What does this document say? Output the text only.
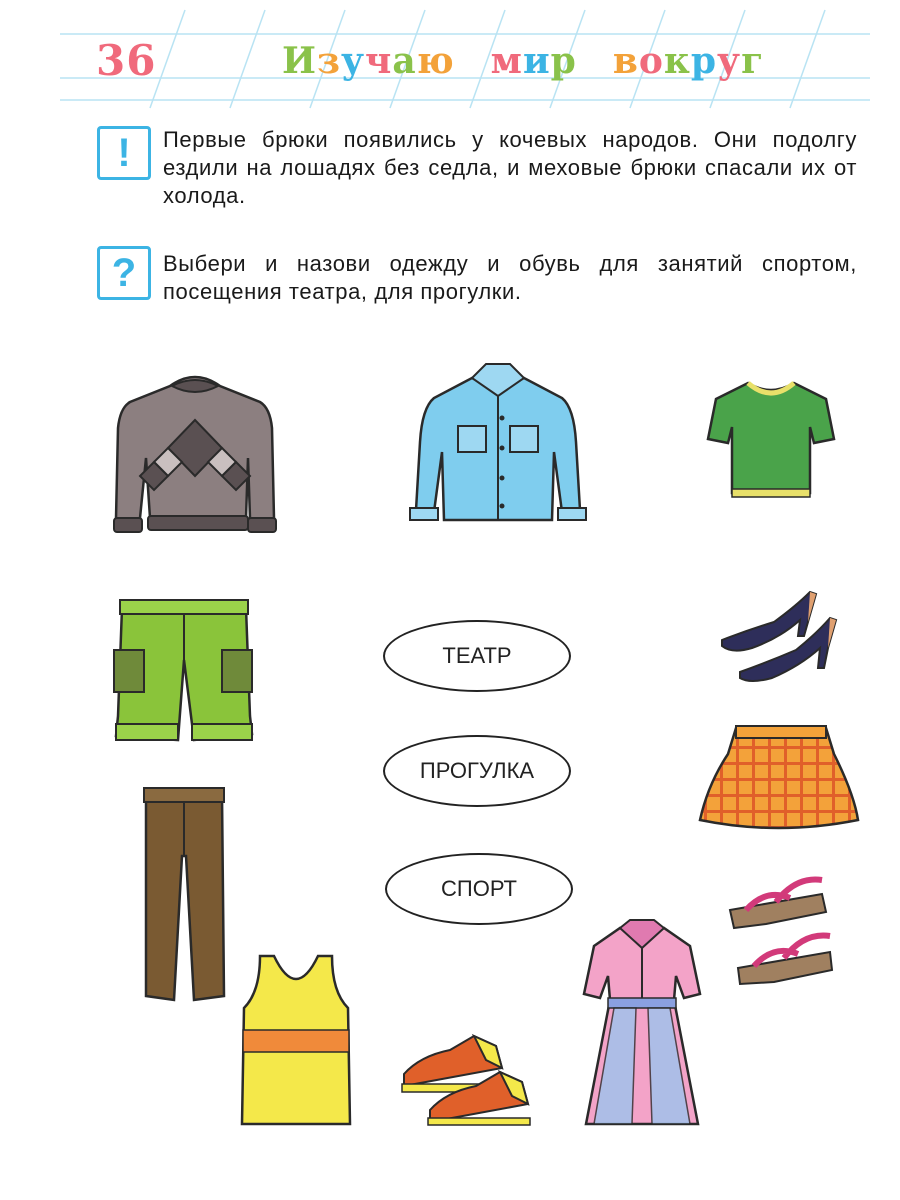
36	Изучаю мир вокруг
!	Первые брюки появились у кочевых народов. Они подолгу ездили на лошадях без седла, и меховые брюки спасали их от холода.
?	Выбери и назови одежду и обувь для занятий спортом, посещения театра, для прогулки.
ТЕАТР
ПРОГУЛКА
СПОРТ
